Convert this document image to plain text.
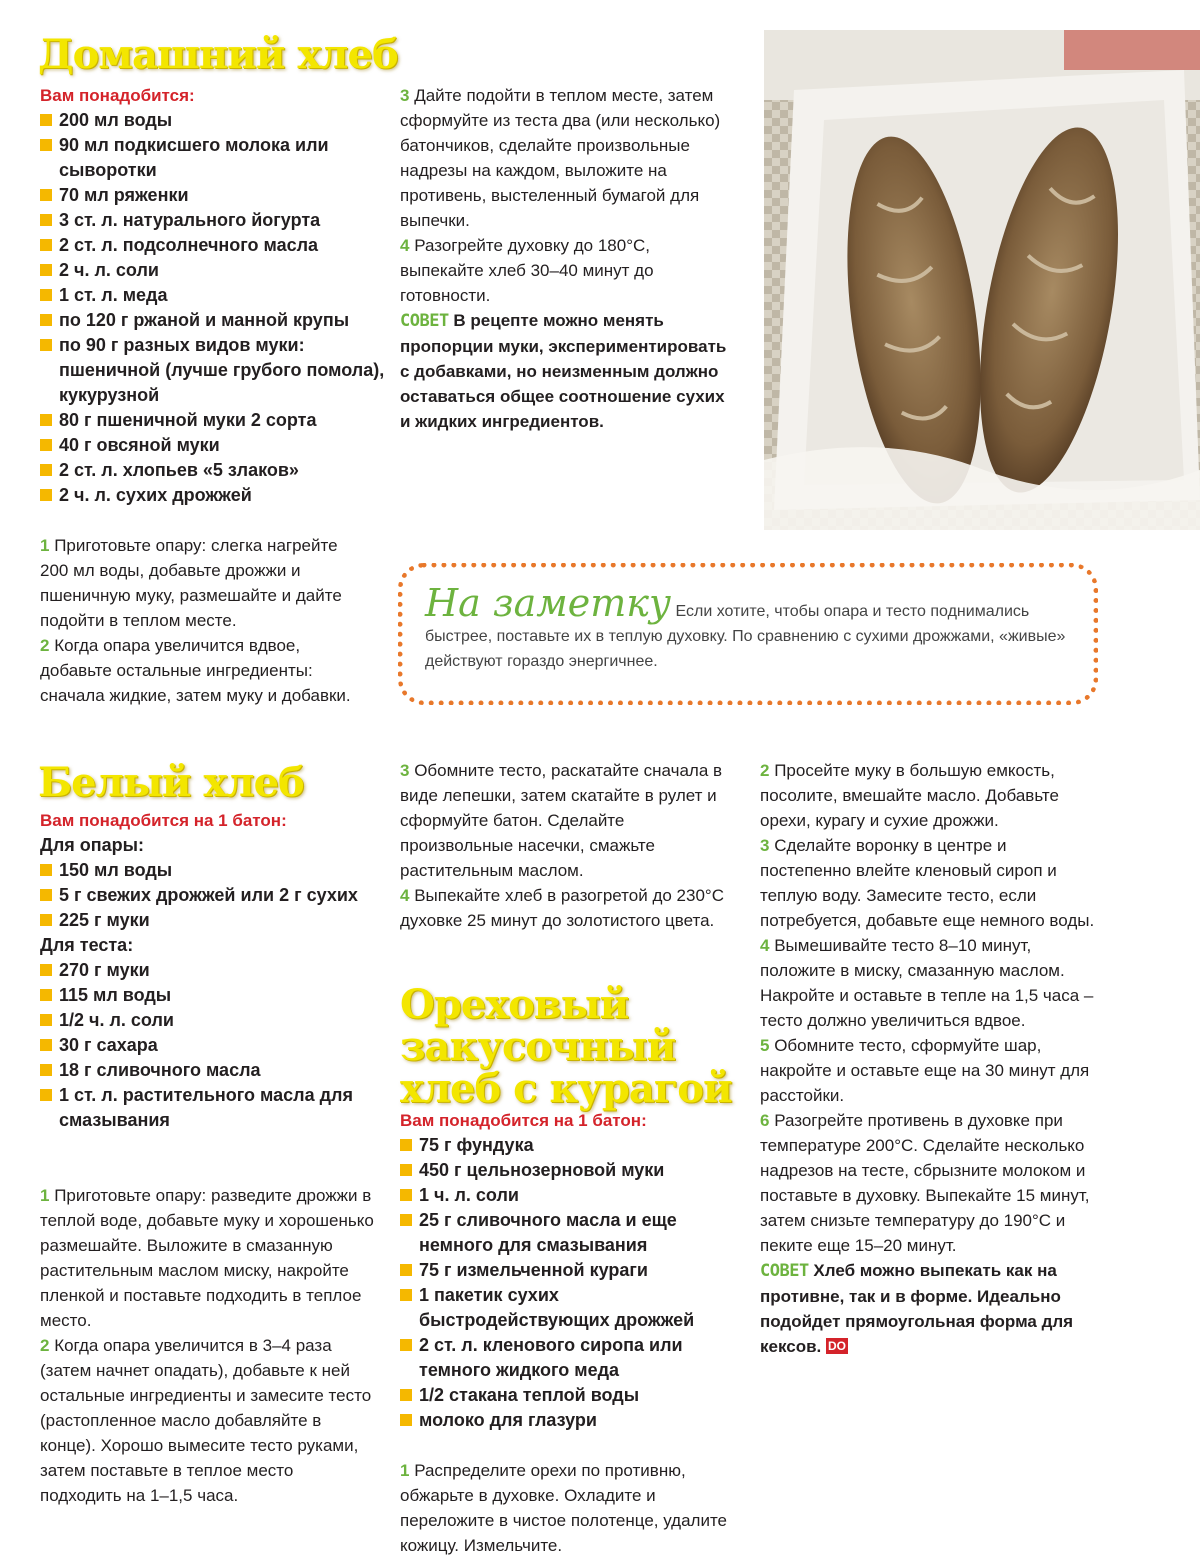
Домашний хлеб
Вам понадобится:
200 мл воды
90 мл подкисшего молока или сыворотки
70 мл ряженки
3 ст. л. натурального йогурта
2 ст. л. подсолнечного масла
2 ч. л. соли
1 ст. л. меда
по 120 г ржаной и манной крупы
по 90 г разных видов муки: пшеничной (лучше грубого помола), кукурузной
80 г пшеничной муки 2 сорта
40 г овсяной муки
2 ст. л. хлопьев «5 злаков»
2 ч. л. сухих дрожжей

1 Приготовьте опару: слегка нагрейте 200 мл воды, добавьте дрожжи и пшеничную муку, размешайте и дайте подойти в теплом месте.

2 Когда опара увеличится вдвое, добавьте остальные ингредиенты: сначала жидкие, затем муку и добавки.

3 Дайте подойти в теплом месте, затем сформуйте из теста два (или несколько) батончиков, сделайте произвольные надрезы на каждом, выложите на противень, выстеленный бумагой для выпечки.

4 Разогрейте духовку до 180°С, выпекайте хлеб 30–40 минут до готовности.

СОВЕТ В рецепте можно менять пропорции муки, экспериментировать с добавками, но неизменным должно оставаться общее соотношение сухих и жидких ингредиентов.

На заметку Если хотите, чтобы опара и тесто поднимались быстрее, поставьте их в теплую духовку. По сравнению с сухими дрожжами, «живые» действуют гораздо энергичнее.

Белый хлеб
Вам понадобится на 1 батон:
Для опары:
150 мл воды
5 г свежих дрожжей или 2 г сухих
225 г муки
Для теста:
270 г муки
115 мл воды
1/2 ч. л. соли
30 г сахара
18 г сливочного масла
1 ст. л. растительного масла для смазывания

1 Приготовьте опару: разведите дрожжи в теплой воде, добавьте муку и хорошенько размешайте. Выложите в смазанную растительным маслом миску, накройте пленкой и поставьте подходить в теплое место.

2 Когда опара увеличится в 3–4 раза (затем начнет опадать), добавьте к ней остальные ингредиенты и замесите тесто (растопленное масло добавляйте в конце). Хорошо вымесите тесто руками, затем поставьте в теплое место подходить на 1–1,5 часа.

3 Обомните тесто, раскатайте сначала в виде лепешки, затем скатайте в рулет и сформуйте батон. Сделайте произвольные насечки, смажьте растительным маслом.

4 Выпекайте хлеб в разогретой до 230°С духовке 25 минут до золотистого цвета.

Ореховый закусочный хлеб с курагой
Вам понадобится на 1 батон:
75 г фундука
450 г цельнозерновой муки
1 ч. л. соли
25 г сливочного масла и еще немного для смазывания
75 г измельченной кураги
1 пакетик сухих быстродействующих дрожжей
2 ст. л. кленового сиропа или темного жидкого меда
1/2 стакана теплой воды
молоко для глазури

1 Распределите орехи по противню, обжарьте в духовке. Охладите и переложите в чистое полотенце, удалите кожицу. Измельчите.

2 Просейте муку в большую емкость, посолите, вмешайте масло. Добавьте орехи, курагу и сухие дрожжи.

3 Сделайте воронку в центре и постепенно влейте кленовый сироп и теплую воду. Замесите тесто, если потребуется, добавьте еще немного воды.

4 Вымешивайте тесто 8–10 минут, положите в миску, смазанную маслом. Накройте и оставьте в тепле на 1,5 часа – тесто должно увеличиться вдвое.

5 Обомните тесто, сформуйте шар, накройте и оставьте еще на 30 минут для расстойки.

6 Разогрейте противень в духовке при температуре 200°С. Сделайте несколько надрезов на тесте, сбрызните молоком и поставьте в духовку. Выпекайте 15 минут, затем снизьте температуру до 190°С и пеките еще 15–20 минут.

СОВЕТ Хлеб можно выпекать как на противне, так и в форме. Идеально подойдет прямоугольная форма для кексов. DO
